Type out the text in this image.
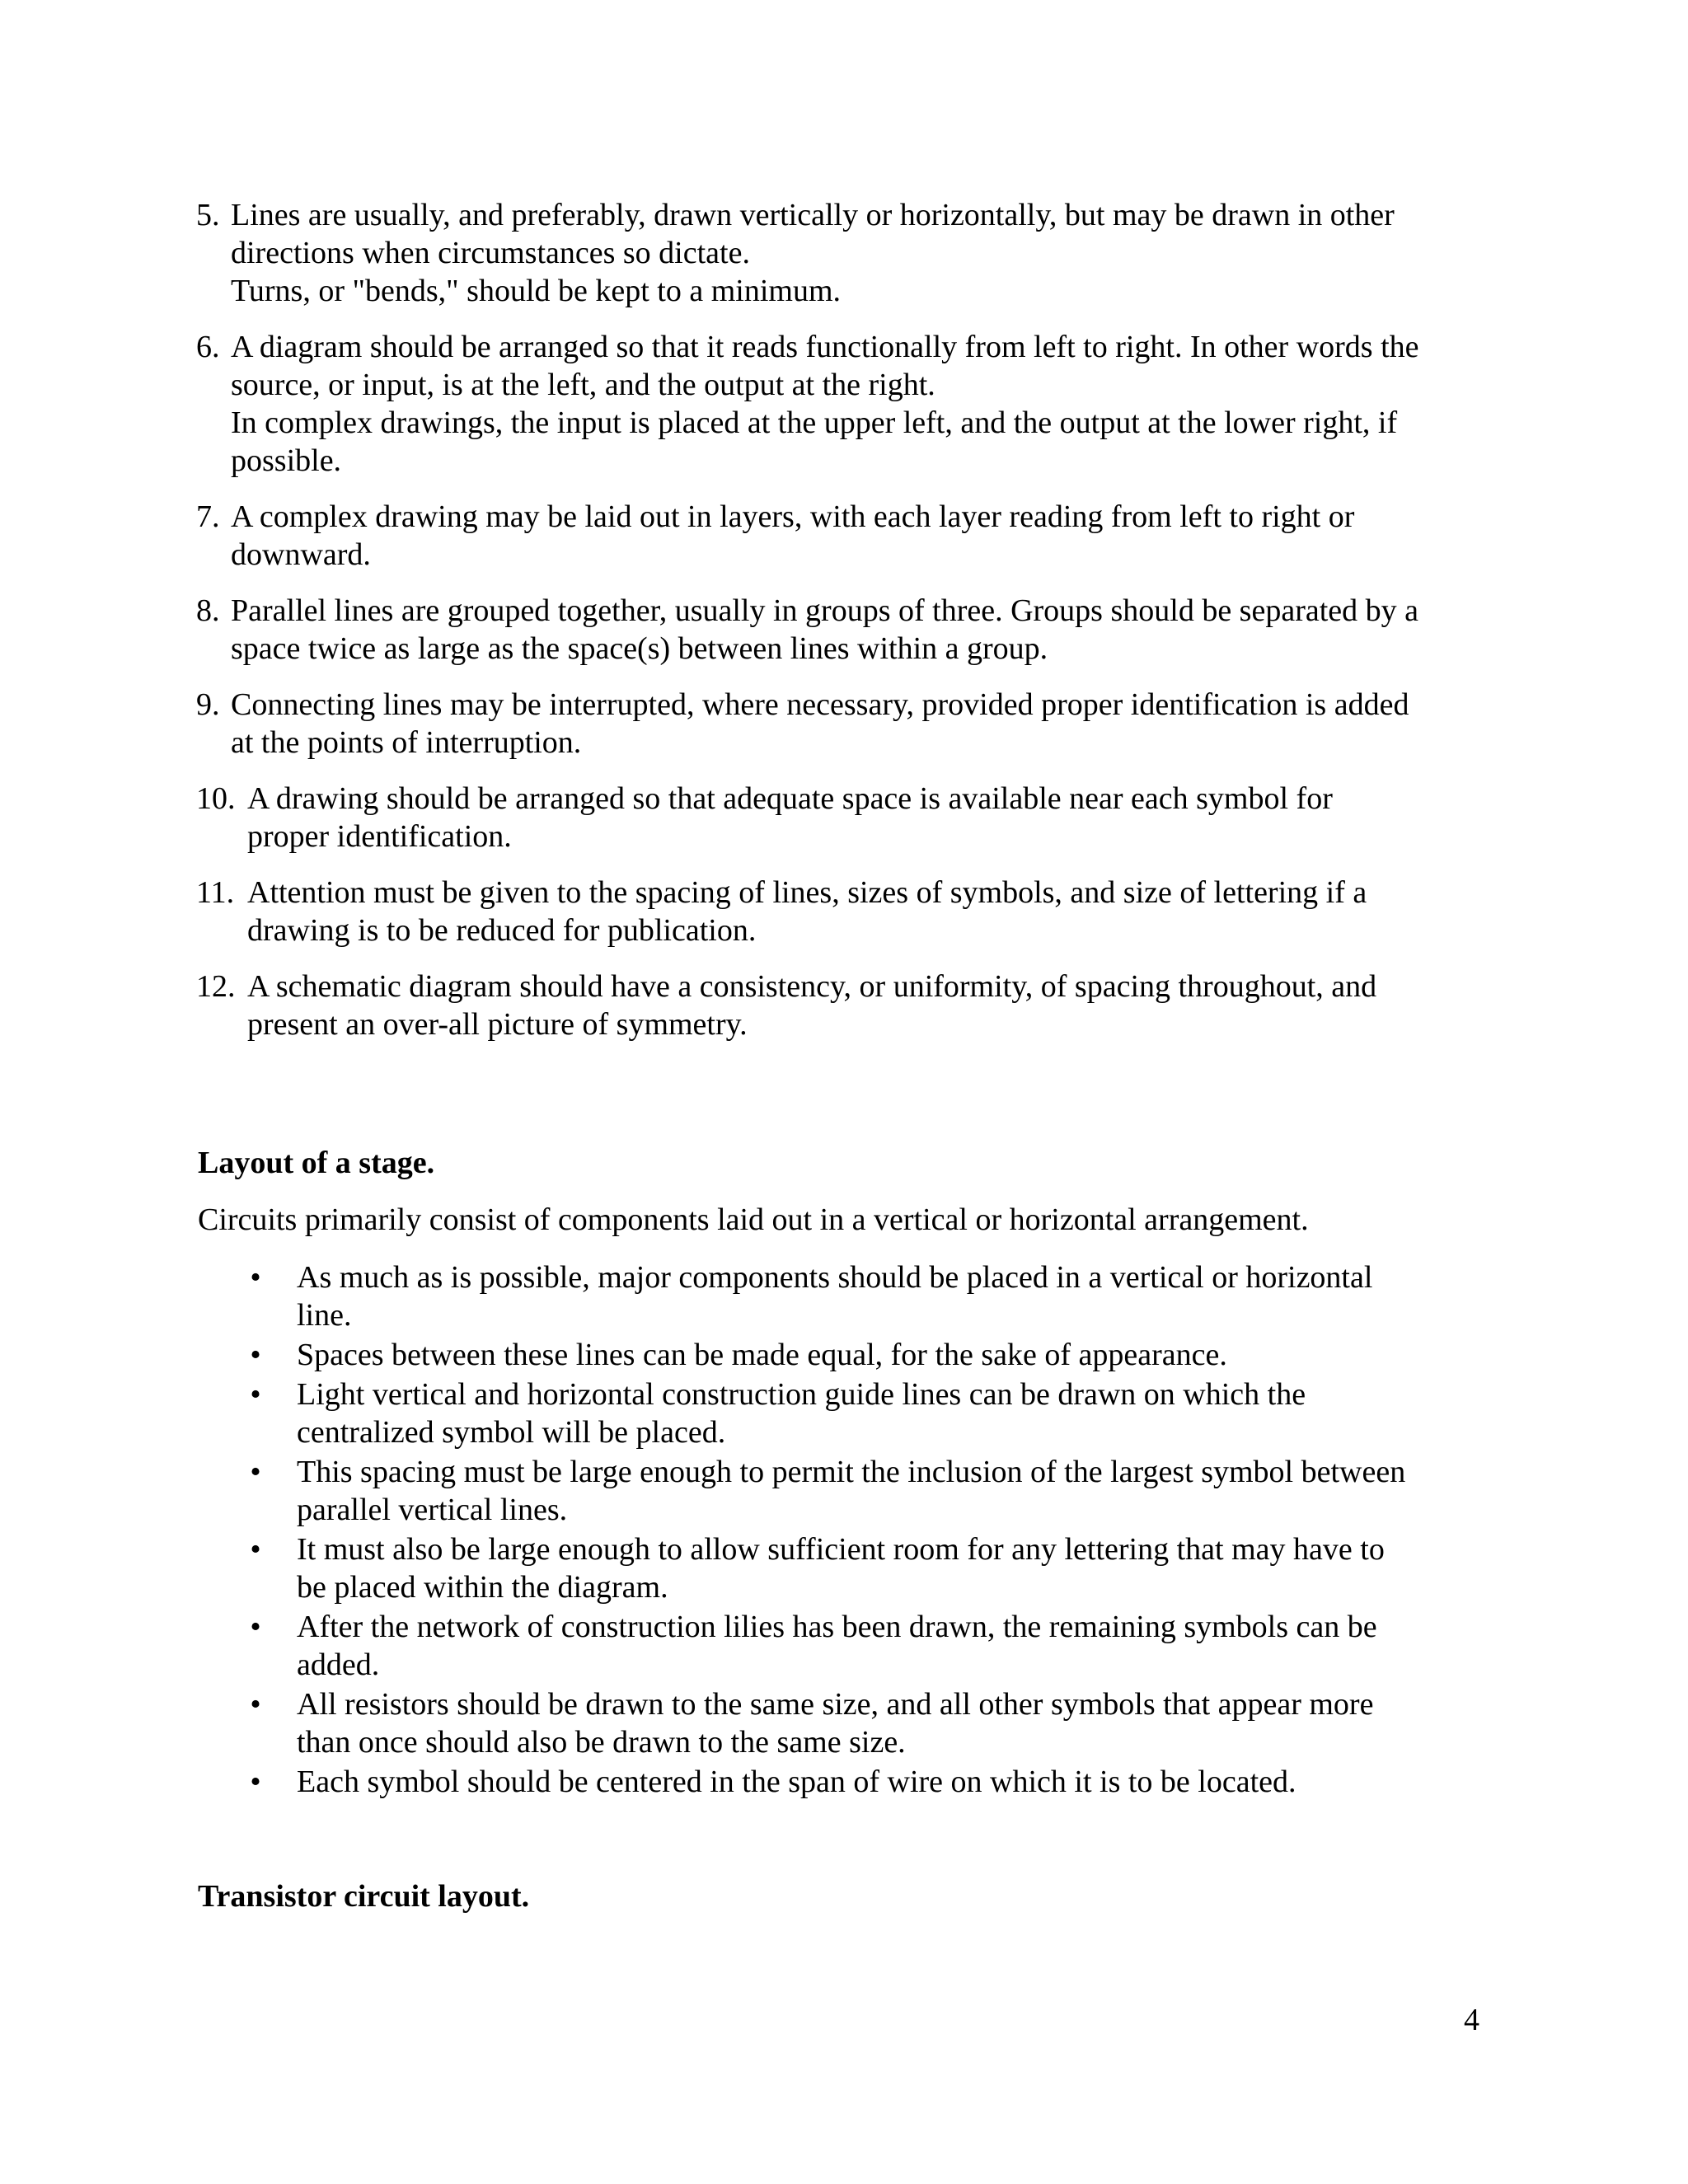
5. Lines are usually, and preferably, drawn vertically or horizontally, but may be drawn in other
directions when circumstances so dictate.
Turns, or "bends," should be kept to a minimum.
6. A diagram should be arranged so that it reads functionally from left to right. In other words the
source, or input, is at the left, and the output at the right.
In complex drawings, the input is placed at the upper left, and the output at the lower right, if
possible.
7. A complex drawing may be laid out in layers, with each layer reading from left to right or
downward.
8. Parallel lines are grouped together, usually in groups of three. Groups should be separated by a
space twice as large as the space(s) between lines within a group.
9. Connecting lines may be interrupted, where necessary, provided proper identification is added
at the points of interruption.
10. A drawing should be arranged so that adequate space is available near each symbol for
proper identification.
11. Attention must be given to the spacing of lines, sizes of symbols, and size of lettering if a
drawing is to be reduced for publication.
12. A schematic diagram should have a consistency, or uniformity, of spacing throughout, and
present an over-all picture of symmetry.
Layout of a stage.

Circuits primarily consist of components laid out in a vertical or horizontal arrangement.

• As much as is possible, major components should be placed in a vertical or horizontal
line.
• Spaces between these lines can be made equal, for the sake of appearance.
• Light vertical and horizontal construction guide lines can be drawn on which the
centralized symbol will be placed.
• This spacing must be large enough to permit the inclusion of the largest symbol between
parallel vertical lines.
• It must also be large enough to allow sufficient room for any lettering that may have to
be placed within the diagram.
• After the network of construction lilies has been drawn, the remaining symbols can be
added.
• All resistors should be drawn to the same size, and all other symbols that appear more
than once should also be drawn to the same size.
• Each symbol should be centered in the span of wire on which it is to be located.
Transistor circuit layout.
4
